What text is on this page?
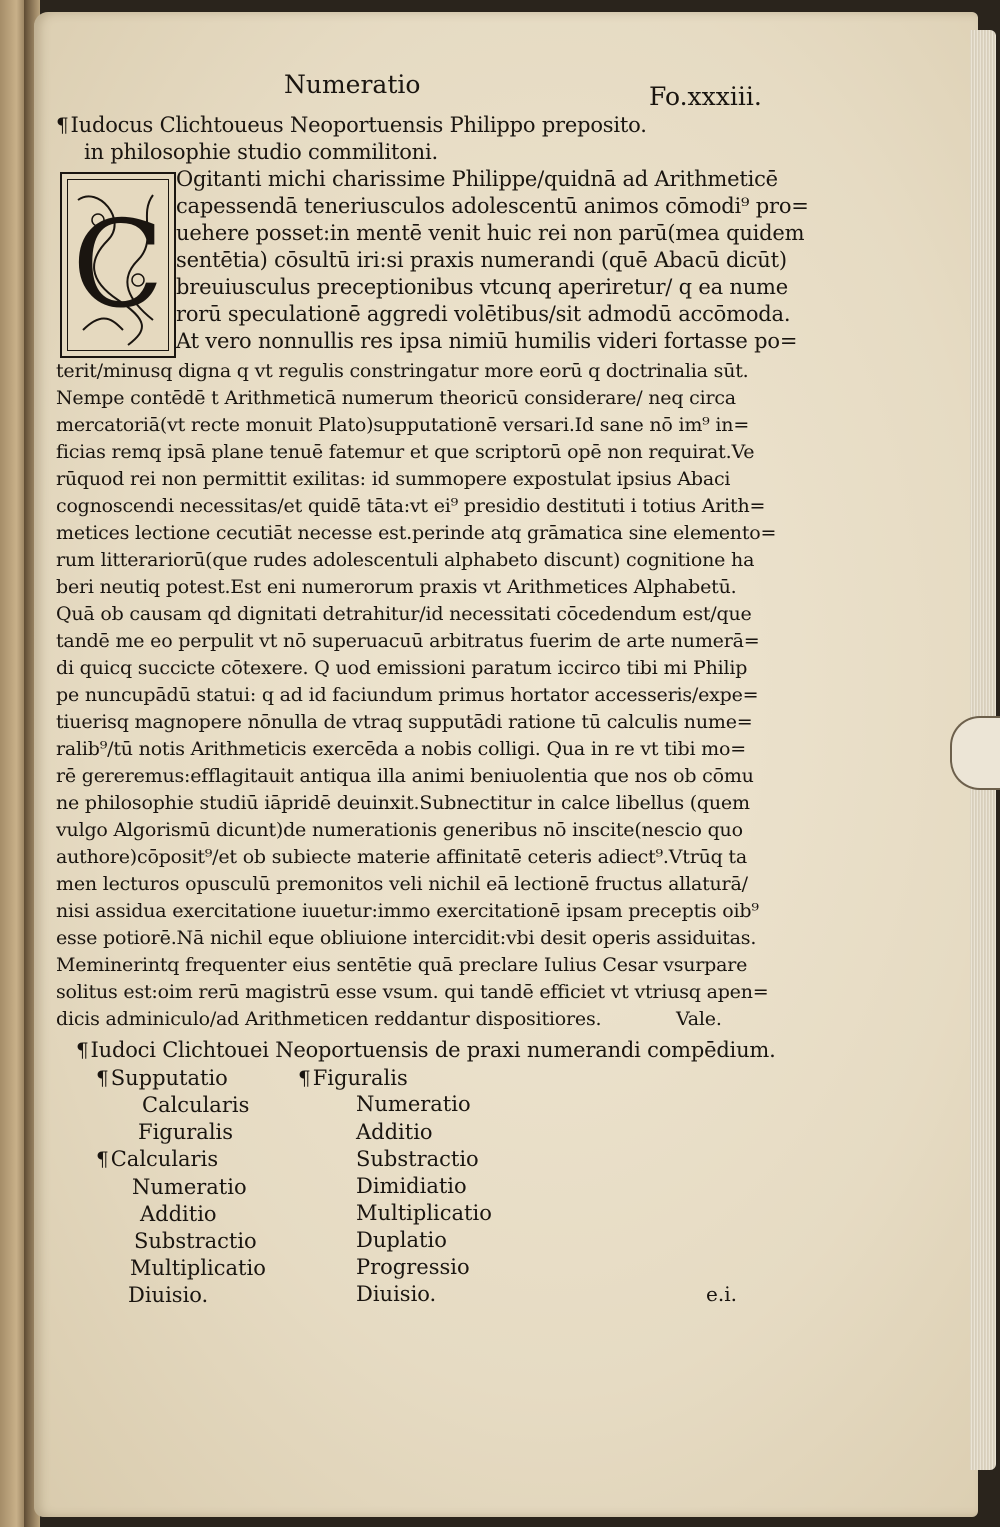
Numeratio	Fo.xxxiii.
¶Iudocus Clichtoueus Neoportuensis Philippo preposito.
in philosophie studio commilitoni.
C
Ogitanti michi charissime Philippe/quidnā ad Arithmeticē
capessendā teneriusculos adolescentū animos cōmodi⁹ pro=
uehere posset:in mentē venit huic rei non parū(mea quidem
sentētia) cōsultū iri:si praxis numerandi (quē Abacū dicūt)
breuiusculus preceptionibus vtcunq aperiretur/ q ea nume
rorū speculationē aggredi volētibus/sit admodū accōmoda.
At vero nonnullis res ipsa nimiū humilis videri fortasse po=
terit/minusq digna q vt regulis constringatur more eorū q doctrinalia sūt.
Nempe contēdē t Arithmeticā numerum theoricū considerare/ neq circa
mercatoriā(vt recte monuit Plato)supputationē versari.Id sane nō im⁹ in=
ficias remq ipsā plane tenuē fatemur et que scriptorū opē non requirat.Ve
rūquod rei non permittit exilitas: id summopere expostulat ipsius Abaci
cognoscendi necessitas/et quidē tāta:vt ei⁹ presidio destituti i totius Arith=
metices lectione cecutiāt necesse est.perinde atq grāmatica sine elemento=
rum litterariorū(que rudes adolescentuli alphabeto discunt) cognitione ha
beri neutiq potest.Est eni numerorum praxis vt Arithmetices Alphabetū.
Quā ob causam qd dignitati detrahitur/id necessitati cōcedendum est/que
tandē me eo perpulit vt nō superuacuū arbitratus fuerim de arte numerā=
di quicq succicte cōtexere. Q uod emissioni paratum iccirco tibi mi Philip
pe nuncupādū statui: q ad id faciundum primus hortator accesseris/expe=
tiuerisq magnopere nōnulla de vtraq supputādi ratione tū calculis nume=
ralib⁹/tū notis Arithmeticis exercēda a nobis colligi. Qua in re vt tibi mo=
rē gereremus:efflagitauit antiqua illa animi beniuolentia que nos ob cōmu
ne philosophie studiū iāpridē deuinxit.Subnectitur in calce libellus (quem
vulgo Algorismū dicunt)de numerationis generibus nō inscite(nescio quo
authore)cōposit⁹/et ob subiecte materie affinitatē ceteris adiect⁹.Vtrūq ta
men lecturos opusculū premonitos veli nichil eā lectionē fructus allaturā/
nisi assidua exercitatione iuuetur:immo exercitationē ipsam preceptis oib⁹
esse potiorē.Nā nichil eque obliuione intercidit:vbi desit operis assiduitas.
Meminerintq frequenter eius sentētie quā preclare Iulius Cesar vsurpare
solitus est:oim rerū magistrū esse vsum. qui tandē efficiet vt vtriusq apen=
dicis adminiculo/ad Arithmeticen reddantur dispositiores.	Vale.
¶Iudoci Clichtouei Neoportuensis de praxi numerandi compēdium.
¶Supputatio
Calcularis
Figuralis
¶Calcularis
Numeratio
Additio
Substractio
Multiplicatio
Diuisio.
¶Figuralis
Numeratio
Additio
Substractio
Dimidiatio
Multiplicatio
Duplatio
Progressio
Diuisio.	e.i.
